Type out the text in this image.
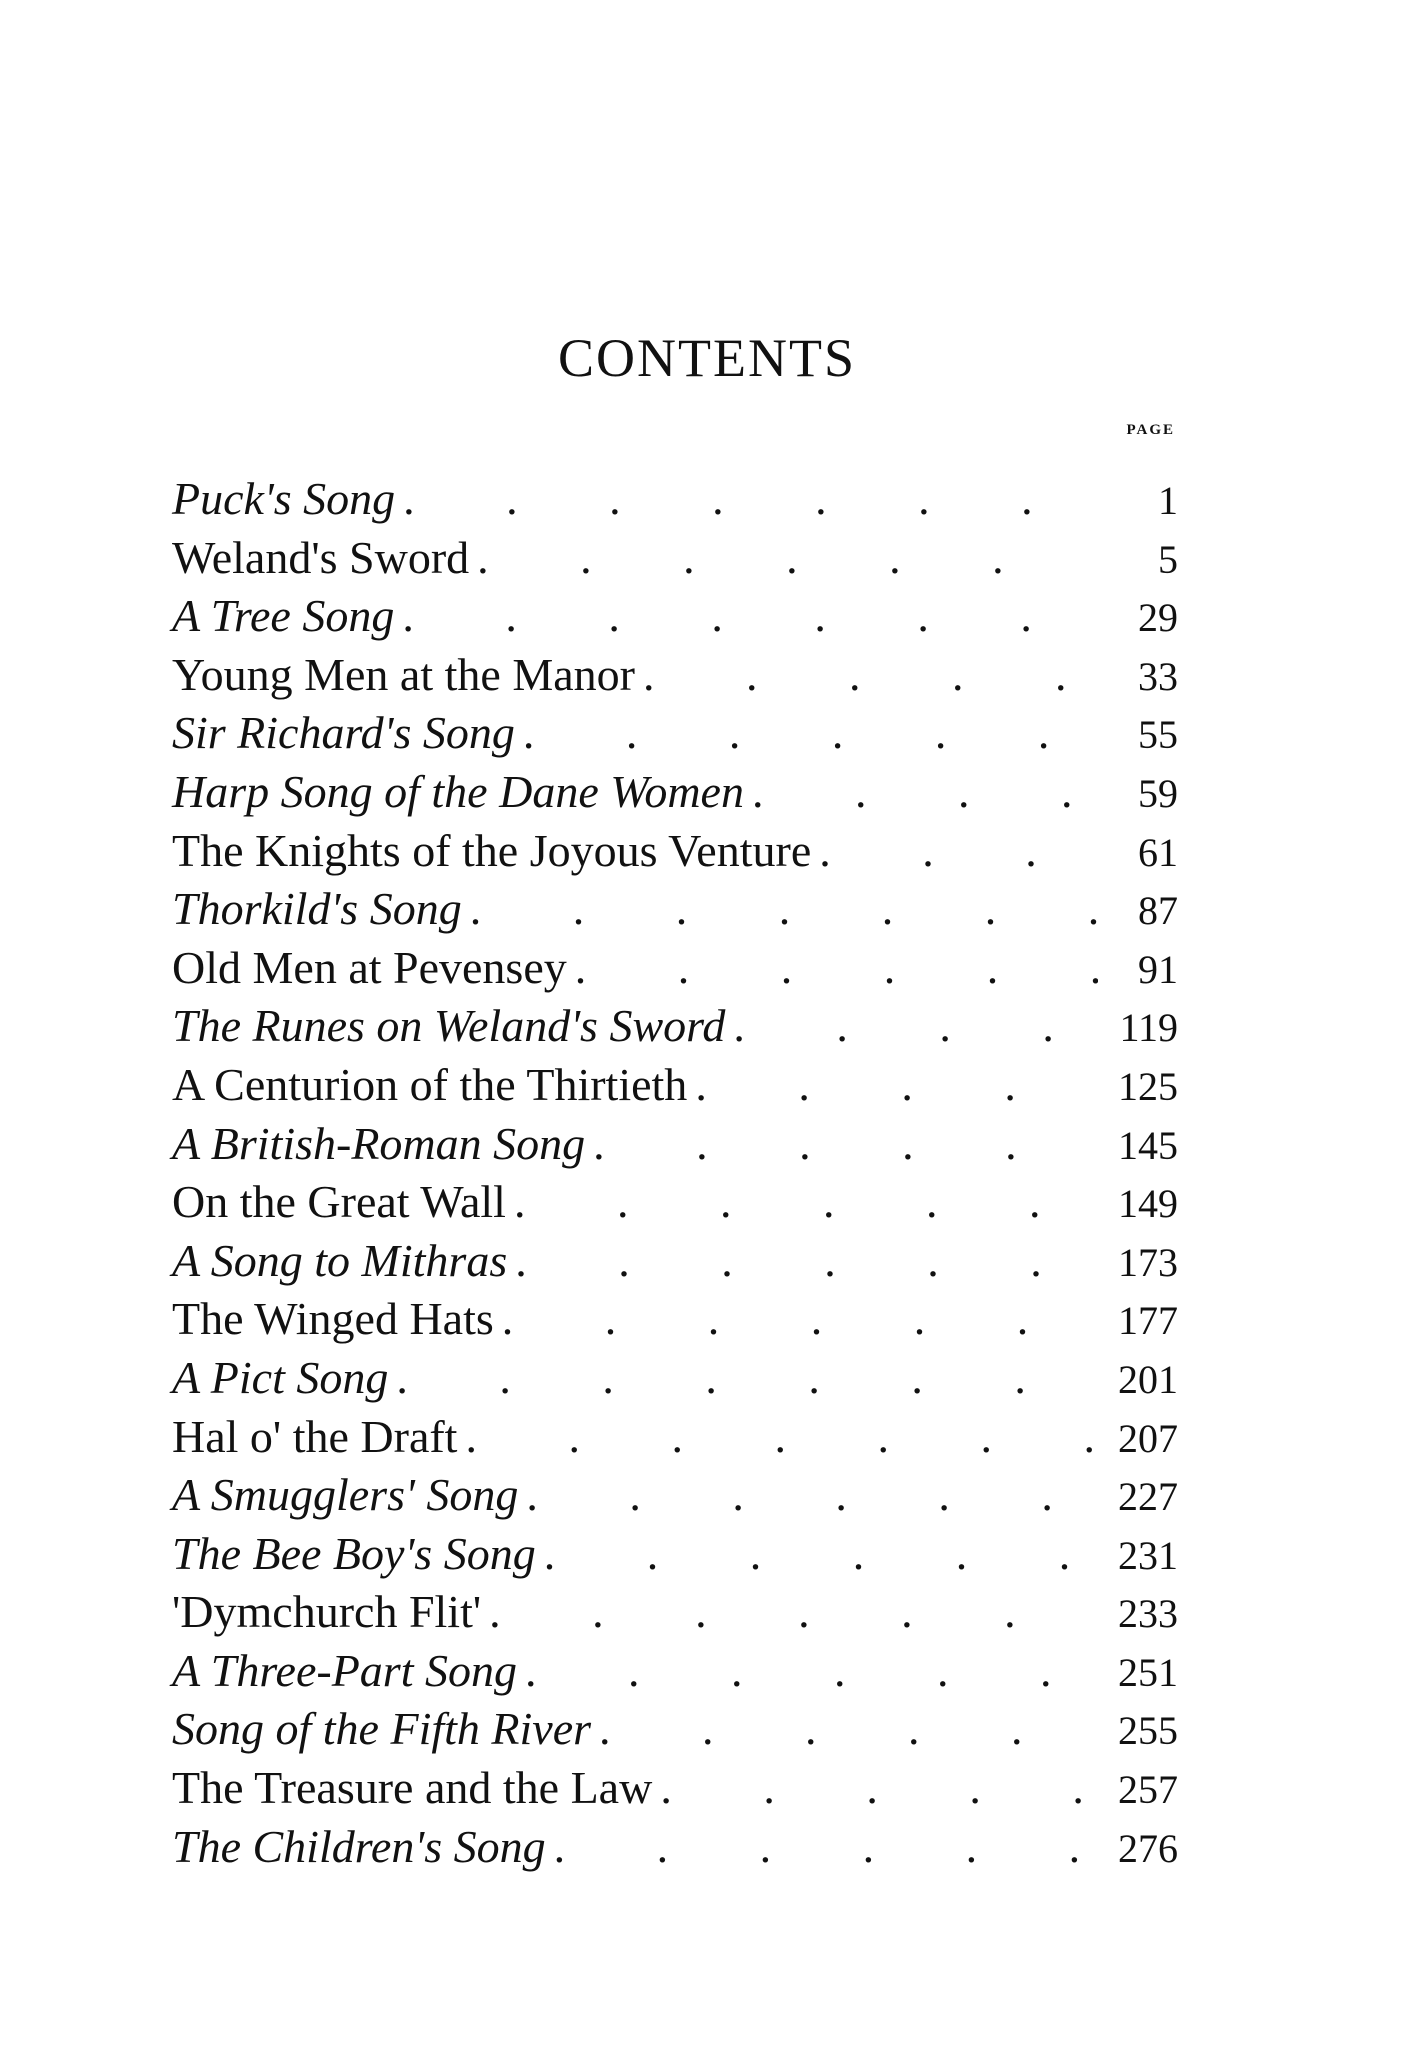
CONTENTS
PAGE
Puck's Song . . .	1
Weland's Sword . . .	5
A Tree Song . . .	29
Young Men at the Manor . . .	33
Sir Richard's Song . . .	55
Harp Song of the Dane Women . . .	59
The Knights of the Joyous Venture . . .	61
Thorkild's Song . . .	87
Old Men at Pevensey . . .	91
The Runes on Weland's Sword . . .	119
A Centurion of the Thirtieth . . .	125
A British-Roman Song . . .	145
On the Great Wall . . .	149
A Song to Mithras . . .	173
The Winged Hats . . .	177
A Pict Song . . .	201
Hal o' the Draft . . .	207
A Smugglers' Song . . .	227
The Bee Boy's Song . . .	231
'Dymchurch Flit' . . .	233
A Three-Part Song . . .	251
Song of the Fifth River . . .	255
The Treasure and the Law . . .	257
The Children's Song . . .	276
